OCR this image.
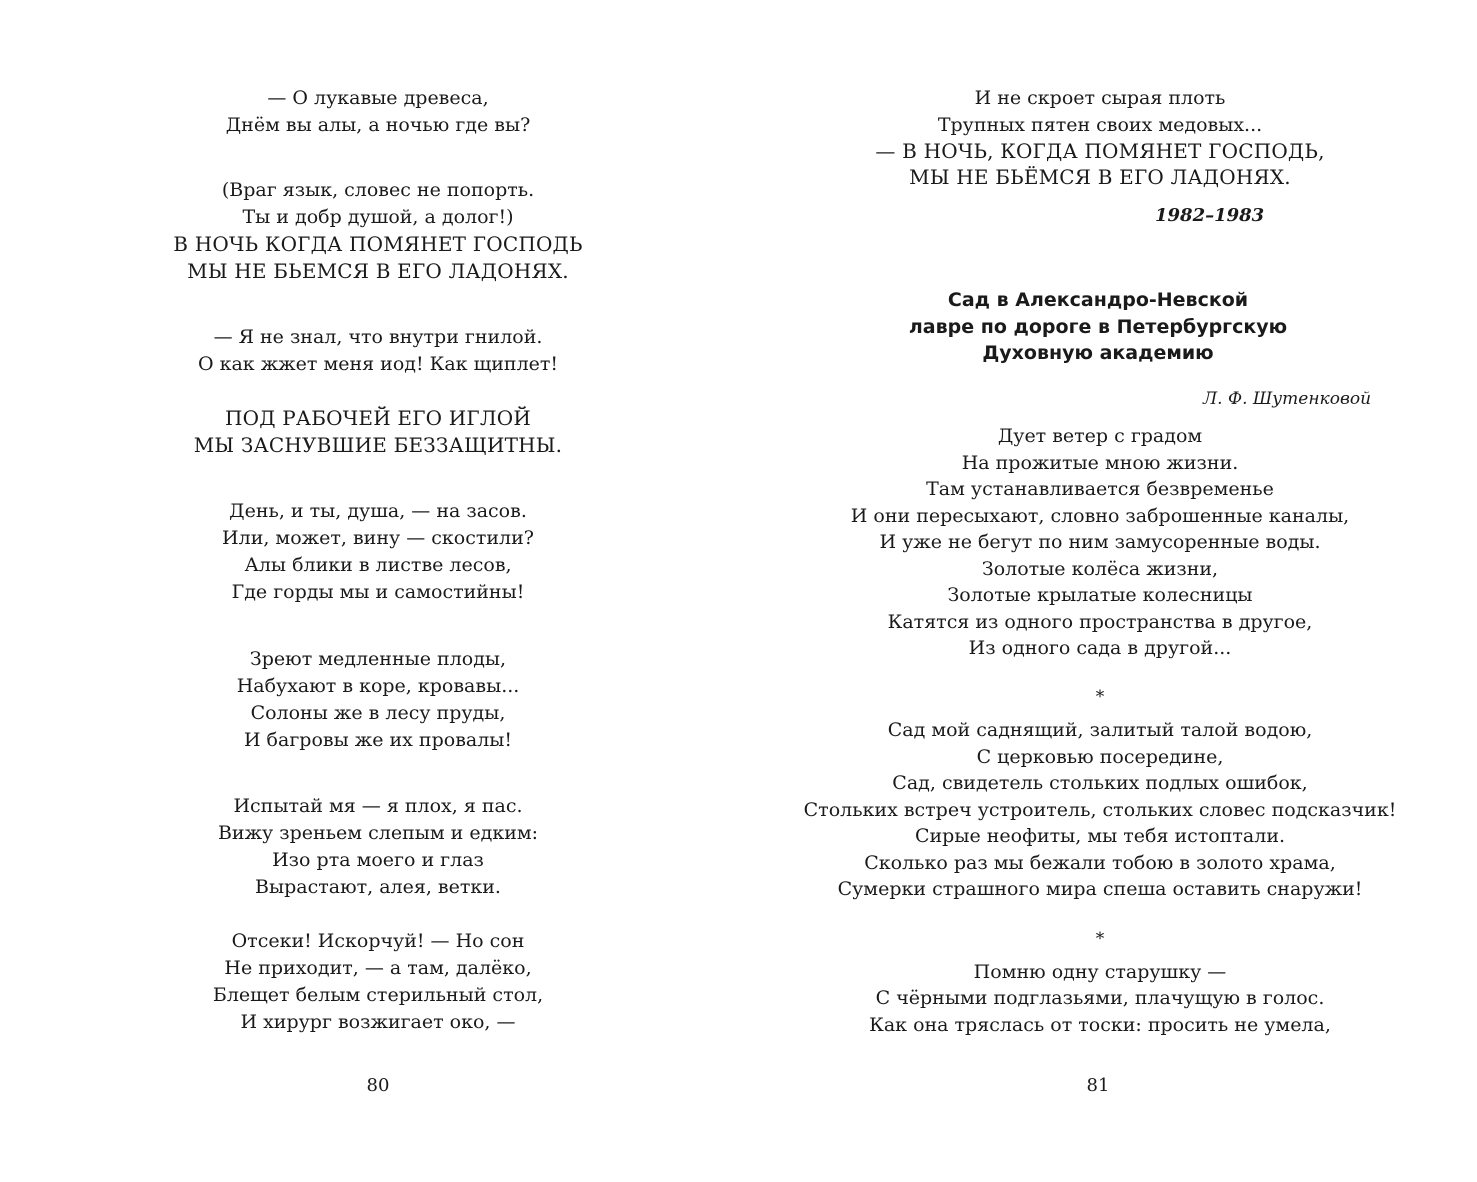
— О лукавые древеса,
Днём вы алы, а ночью где вы?
(Враг язык, словес не попорть.
Ты и добр душой, а долог!)
В НОЧЬ КОГДА ПОМЯНЕТ ГОСПОДЬ
МЫ НЕ БЬЕМСЯ В ЕГО ЛАДОНЯХ.
— Я не знал, что внутри гнилой.
О как жжет меня иод! Как щиплет!
ПОД РАБОЧЕЙ ЕГО ИГЛОЙ
МЫ ЗАСНУВШИЕ БЕЗЗАЩИТНЫ.
День, и ты, душа, — на засов.
Или, может, вину — скостили?
Алы блики в листве лесов,
Где горды мы и самостийны!
Зреют медленные плоды,
Набухают в коре, кровавы...
Солоны же в лесу пруды,
И багровы же их провалы!
Испытай мя — я плох, я пас.
Вижу зреньем слепым и едким:
Изо рта моего и глаз
Вырастают, алея, ветки.
Отсеки! Искорчуй! — Но сон
Не приходит, — а там, далёко,
Блещет белым стерильный стол,
И хирург возжигает око, —
80
И не скроет сырая плоть
Трупных пятен своих медовых...
— В НОЧЬ, КОГДА ПОМЯНЕТ ГОСПОДЬ,
МЫ НЕ БЬЁМСЯ В ЕГО ЛАДОНЯХ.
1982–1983
Сад в Александро-Невской
лавре по дороге в Петербургскую
Духовную академию
Л. Ф. Шутенковой
Дует ветер с градом
На прожитые мною жизни.
Там устанавливается безвременье
И они пересыхают, словно заброшенные каналы,
И уже не бегут по ним замусоренные воды.
Золотые колёса жизни,
Золотые крылатые колесницы
Катятся из одного пространства в другое,
Из одного сада в другой...
*
Сад мой саднящий, залитый талой водою,
С церковью посередине,
Сад, свидетель стольких подлых ошибок,
Стольких встреч устроитель, стольких словес подсказчик!
Сирые неофиты, мы тебя истоптали.
Сколько раз мы бежали тобою в золото храма,
Сумерки страшного мира спеша оставить снаружи!
*
Помню одну старушку —
С чёрными подглазьями, плачущую в голос.
Как она тряслась от тоски: просить не умела,
81
